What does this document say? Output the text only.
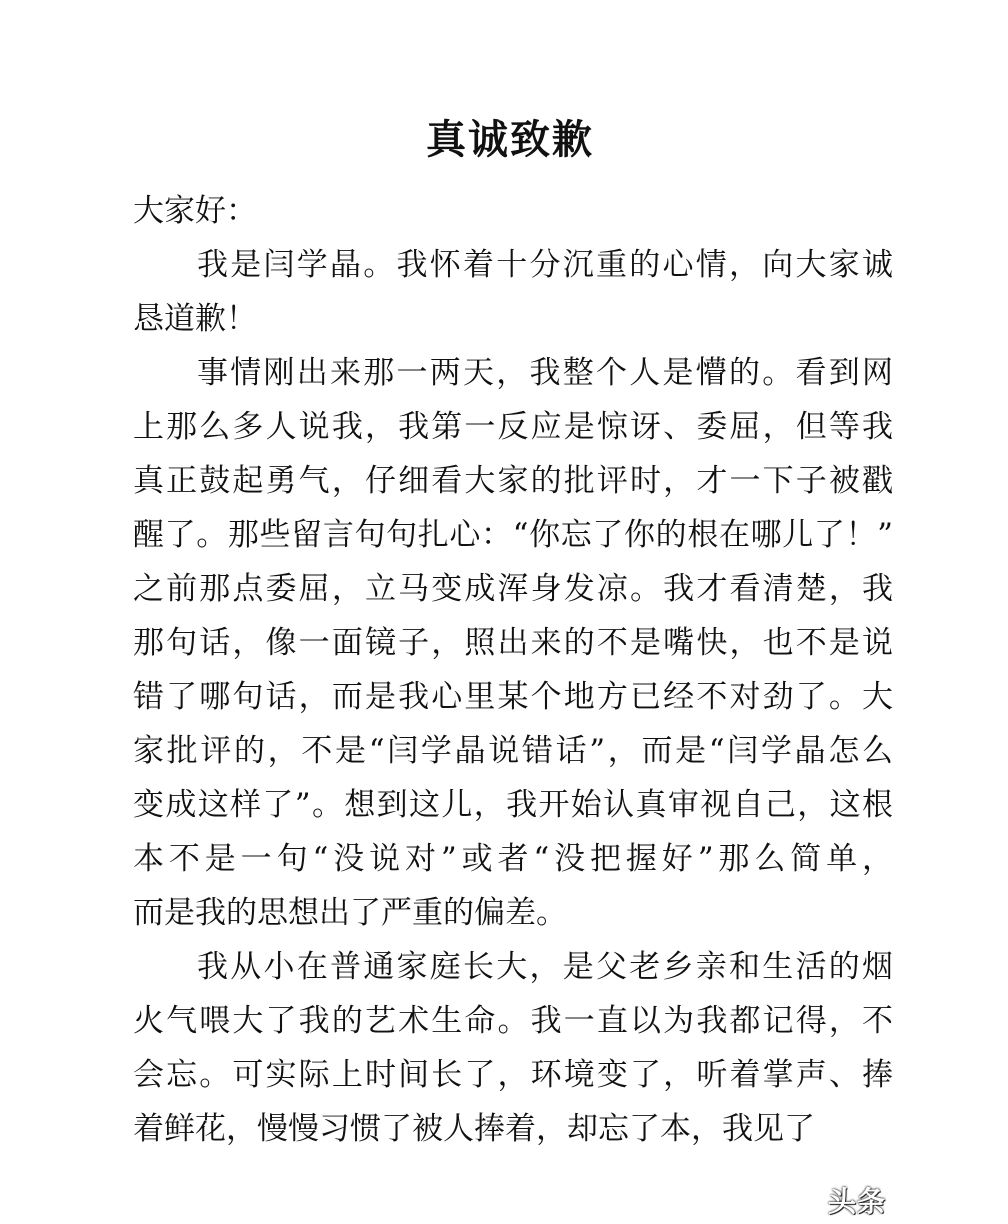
真诚致歉
大家好：
我是闫学晶。我怀着十分沉重的心情，向大家诚
恳道歉！
事情刚出来那一两天，我整个人是懵的。看到网
上那么多人说我，我第一反应是惊讶、委屈，但等我
真正鼓起勇气，仔细看大家的批评时，才一下子被戳
醒了。那些留言句句扎心：“你忘了你的根在哪儿了！”
之前那点委屈，立马变成浑身发凉。我才看清楚，我
那句话，像一面镜子，照出来的不是嘴快，也不是说
错了哪句话，而是我心里某个地方已经不对劲了。大
家批评的，不是“闫学晶说错话”，而是“闫学晶怎么
变成这样了”。想到这儿，我开始认真审视自己，这根
本不是一句“没说对”或者“没把握好”那么简单，
而是我的思想出了严重的偏差。
我从小在普通家庭长大，是父老乡亲和生活的烟
火气喂大了我的艺术生命。我一直以为我都记得，不
会忘。可实际上时间长了，环境变了，听着掌声、捧
着鲜花，慢慢习惯了被人捧着，却忘了本，我见了
头条
